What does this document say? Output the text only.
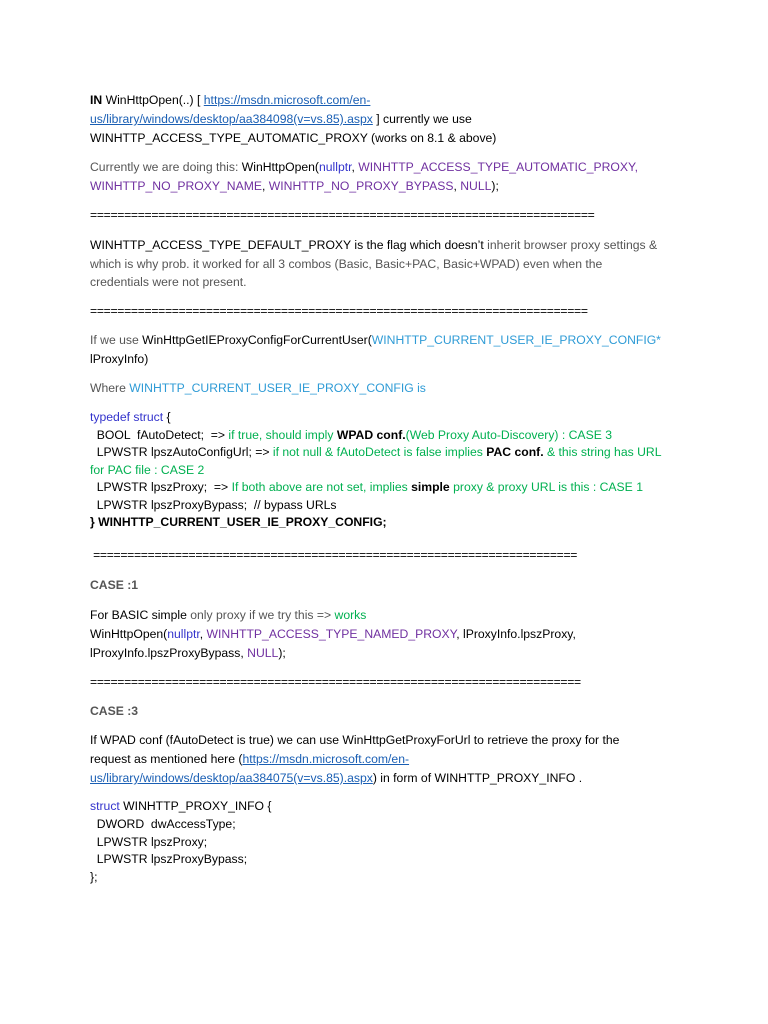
IN WinHttpOpen(..) [ https://msdn.microsoft.com/en-
us/library/windows/desktop/aa384098(v=vs.85).aspx ] currently we use
WINHTTP_ACCESS_TYPE_AUTOMATIC_PROXY (works on 8.1 & above)
Currently we are doing this: WinHttpOpen(nullptr, WINHTTP_ACCESS_TYPE_AUTOMATIC_PROXY,
WINHTTP_NO_PROXY_NAME, WINHTTP_NO_PROXY_BYPASS, NULL);
==========================================================================
WINHTTP_ACCESS_TYPE_DEFAULT_PROXY is the flag which doesn’t inherit browser proxy settings &
which is why prob. it worked for all 3 combos (Basic, Basic+PAC, Basic+WPAD) even when the
credentials were not present.
=========================================================================
If we use WinHttpGetIEProxyConfigForCurrentUser(WINHTTP_CURRENT_USER_IE_PROXY_CONFIG*
lProxyInfo)
Where WINHTTP_CURRENT_USER_IE_PROXY_CONFIG is
typedef struct {
BOOL  fAutoDetect;  => if true, should imply WPAD conf.(Web Proxy Auto-Discovery) : CASE 3
LPWSTR lpszAutoConfigUrl; => if not null & fAutoDetect is false implies PAC conf. & this string has URL
for PAC file : CASE 2
LPWSTR lpszProxy;  => If both above are not set, implies simple proxy & proxy URL is this : CASE 1
LPWSTR lpszProxyBypass;  // bypass URLs
} WINHTTP_CURRENT_USER_IE_PROXY_CONFIG;
=======================================================================
CASE :1
For BASIC simple only proxy if we try this => works
WinHttpOpen(nullptr, WINHTTP_ACCESS_TYPE_NAMED_PROXY, lProxyInfo.lpszProxy,
lProxyInfo.lpszProxyBypass, NULL);
========================================================================
CASE :3
If WPAD conf (fAutoDetect is true) we can use WinHttpGetProxyForUrl to retrieve the proxy for the
request as mentioned here (https://msdn.microsoft.com/en-
us/library/windows/desktop/aa384075(v=vs.85).aspx) in form of WINHTTP_PROXY_INFO .
struct WINHTTP_PROXY_INFO {
DWORD  dwAccessType;
LPWSTR lpszProxy;
LPWSTR lpszProxyBypass;
};
